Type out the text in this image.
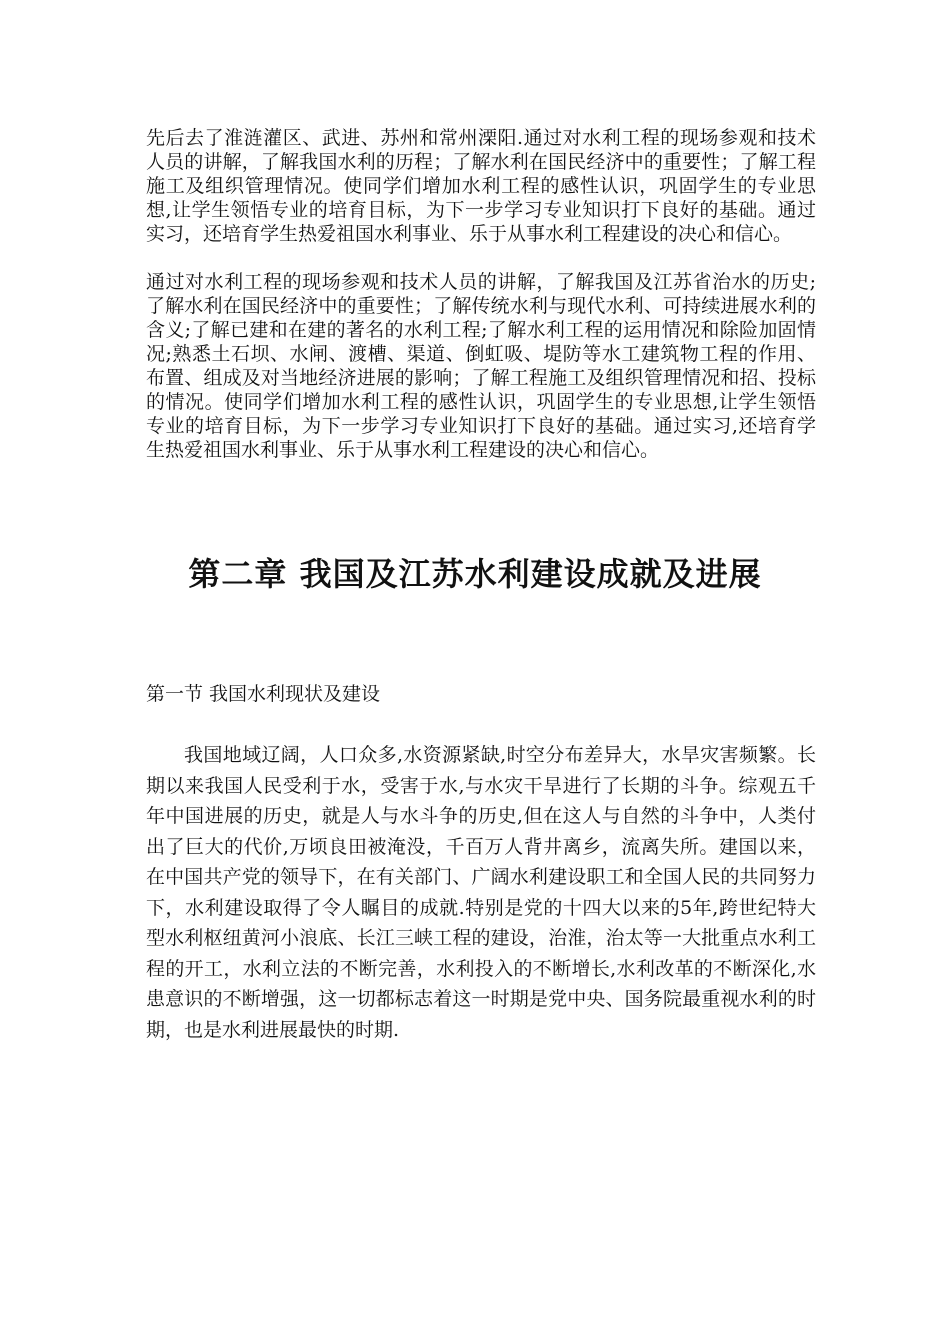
先后去了淮涟灌区、武进、苏州和常州溧阳.通过对水利工程的现场参观和技术人员的讲解，了解我国水利的历程；了解水利在国民经济中的重要性；了解工程施工及组织管理情况。使同学们增加水利工程的感性认识，巩固学生的专业思想,让学生领悟专业的培育目标，为下一步学习专业知识打下良好的基础。通过实习，还培育学生热爱祖国水利事业、乐于从事水利工程建设的决心和信心。

通过对水利工程的现场参观和技术人员的讲解，了解我国及江苏省治水的历史;了解水利在国民经济中的重要性；了解传统水利与现代水利、可持续进展水利的含义;了解已建和在建的著名的水利工程;了解水利工程的运用情况和除险加固情况;熟悉土石坝、水闸、渡槽、渠道、倒虹吸、堤防等水工建筑物工程的作用、布置、组成及对当地经济进展的影响；了解工程施工及组织管理情况和招、投标的情况。使同学们增加水利工程的感性认识，巩固学生的专业思想,让学生领悟专业的培育目标，为下一步学习专业知识打下良好的基础。通过实习,还培育学生热爱祖国水利事业、乐于从事水利工程建设的决心和信心。

第二章 我国及江苏水利建设成就及进展
第一节 我国水利现状及建设

我国地域辽阔，人口众多,水资源紧缺,时空分布差异大，水旱灾害频繁。长期以来我国人民受利于水，受害于水,与水灾干旱进行了长期的斗争。综观五千年中国进展的历史，就是人与水斗争的历史,但在这人与自然的斗争中，人类付出了巨大的代价,万顷良田被淹没，千百万人背井离乡，流离失所。建国以来，在中国共产党的领导下，在有关部门、广阔水利建设职工和全国人民的共同努力下，水利建设取得了令人瞩目的成就.特别是党的十四大以来的5年,跨世纪特大型水利枢纽黄河小浪底、长江三峡工程的建设，治淮，治太等一大批重点水利工程的开工，水利立法的不断完善，水利投入的不断增长,水利改革的不断深化,水患意识的不断增强，这一切都标志着这一时期是党中央、国务院最重视水利的时期，也是水利进展最快的时期.
